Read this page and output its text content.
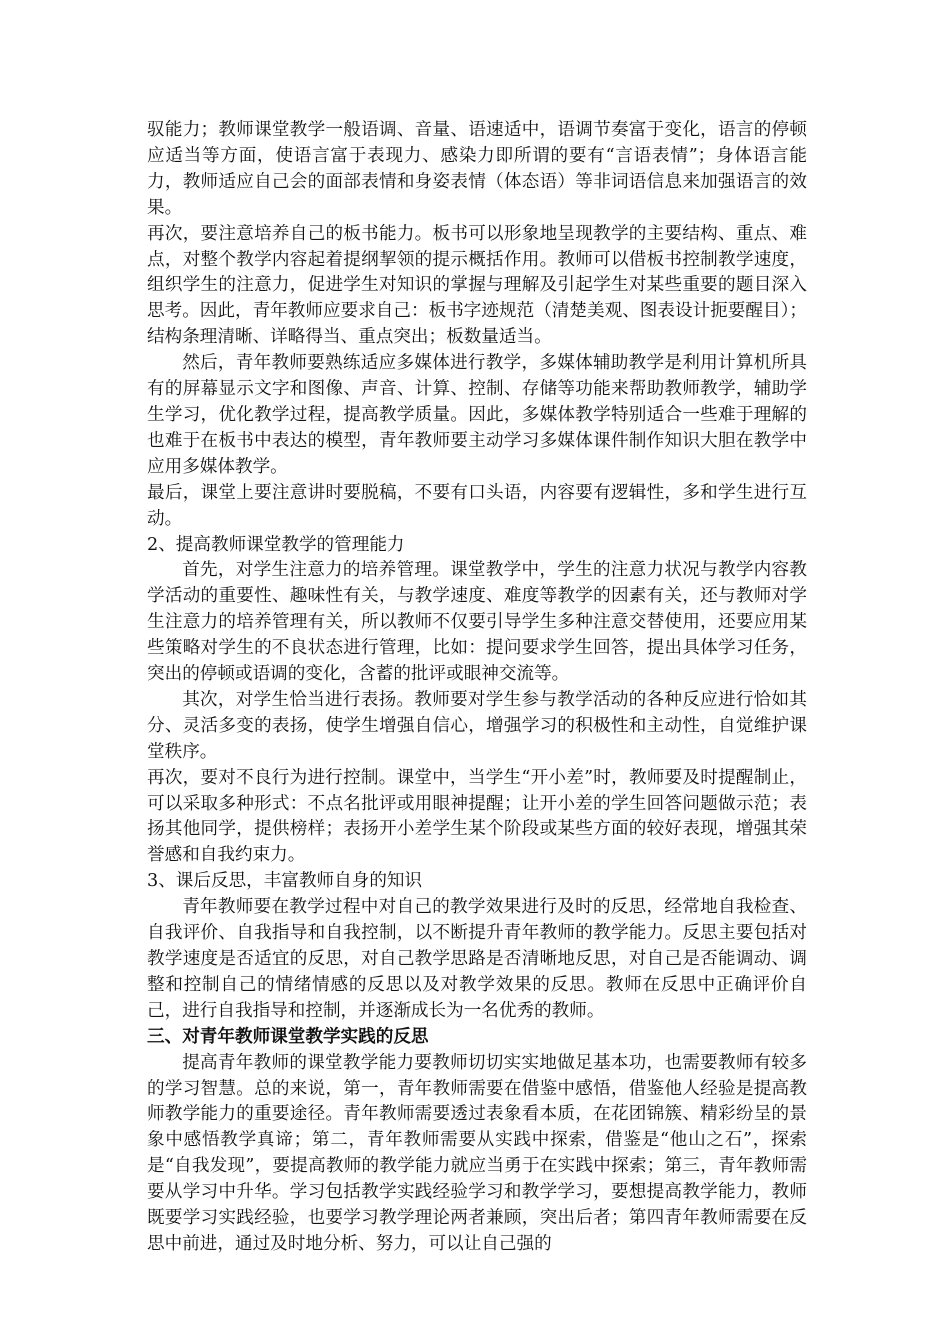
驭能力；教师课堂教学一般语调、音量、语速适中，语调节奏富于变化，语言的停顿应适当等方面，使语言富于表现力、感染力即所谓的要有“言语表情”；身体语言能力，教师适应自己会的面部表情和身姿表情（体态语）等非词语信息来加强语言的效果。

再次，要注意培养自己的板书能力。板书可以形象地呈现教学的主要结构、重点、难点，对整个教学内容起着提纲挈领的提示概括作用。教师可以借板书控制教学速度，组织学生的注意力，促进学生对知识的掌握与理解及引起学生对某些重要的题目深入思考。因此，青年教师应要求自己：板书字迹规范（清楚美观、图表设计扼要醒目）；结构条理清晰、详略得当、重点突出；板数量适当。

然后，青年教师要熟练适应多媒体进行教学，多媒体辅助教学是利用计算机所具有的屏幕显示文字和图像、声音、计算、控制、存储等功能来帮助教师教学，辅助学生学习，优化教学过程，提高教学质量。因此，多媒体教学特别适合一些难于理解的也难于在板书中表达的模型，青年教师要主动学习多媒体课件制作知识大胆在教学中应用多媒体教学。

最后，课堂上要注意讲时要脱稿，不要有口头语，内容要有逻辑性，多和学生进行互动。

2、提高教师课堂教学的管理能力

首先，对学生注意力的培养管理。课堂教学中，学生的注意力状况与教学内容教学活动的重要性、趣味性有关，与教学速度、难度等教学的因素有关，还与教师对学生注意力的培养管理有关，所以教师不仅要引导学生多种注意交替使用，还要应用某些策略对学生的不良状态进行管理，比如：提问要求学生回答，提出具体学习任务，突出的停顿或语调的变化，含蓄的批评或眼神交流等。

其次，对学生恰当进行表扬。教师要对学生参与教学活动的各种反应进行恰如其分、灵活多变的表扬，使学生增强自信心，增强学习的积极性和主动性，自觉维护课堂秩序。

再次，要对不良行为进行控制。课堂中，当学生“开小差”时，教师要及时提醒制止，可以采取多种形式：不点名批评或用眼神提醒；让开小差的学生回答问题做示范；表扬其他同学，提供榜样；表扬开小差学生某个阶段或某些方面的较好表现，增强其荣誉感和自我约束力。

3、课后反思，丰富教师自身的知识

青年教师要在教学过程中对自己的教学效果进行及时的反思，经常地自我检查、自我评价、自我指导和自我控制，以不断提升青年教师的教学能力。反思主要包括对教学速度是否适宜的反思，对自己教学思路是否清晰地反思，对自己是否能调动、调整和控制自己的情绪情感的反思以及对教学效果的反思。教师在反思中正确评价自己，进行自我指导和控制，并逐渐成长为一名优秀的教师。

三、对青年教师课堂教学实践的反思

提高青年教师的课堂教学能力要教师切切实实地做足基本功，也需要教师有较多的学习智慧。总的来说，第一，青年教师需要在借鉴中感悟，借鉴他人经验是提高教师教学能力的重要途径。青年教师需要透过表象看本质，在花团锦簇、精彩纷呈的景象中感悟教学真谛；第二，青年教师需要从实践中探索，借鉴是“他山之石”，探索是“自我发现”，要提高教师的教学能力就应当勇于在实践中探索；第三，青年教师需要从学习中升华。学习包括教学实践经验学习和教学学习，要想提高教学能力，教师既要学习实践经验，也要学习教学理论两者兼顾，突出后者；第四青年教师需要在反思中前进，通过及时地分析、努力，可以让自己强的
